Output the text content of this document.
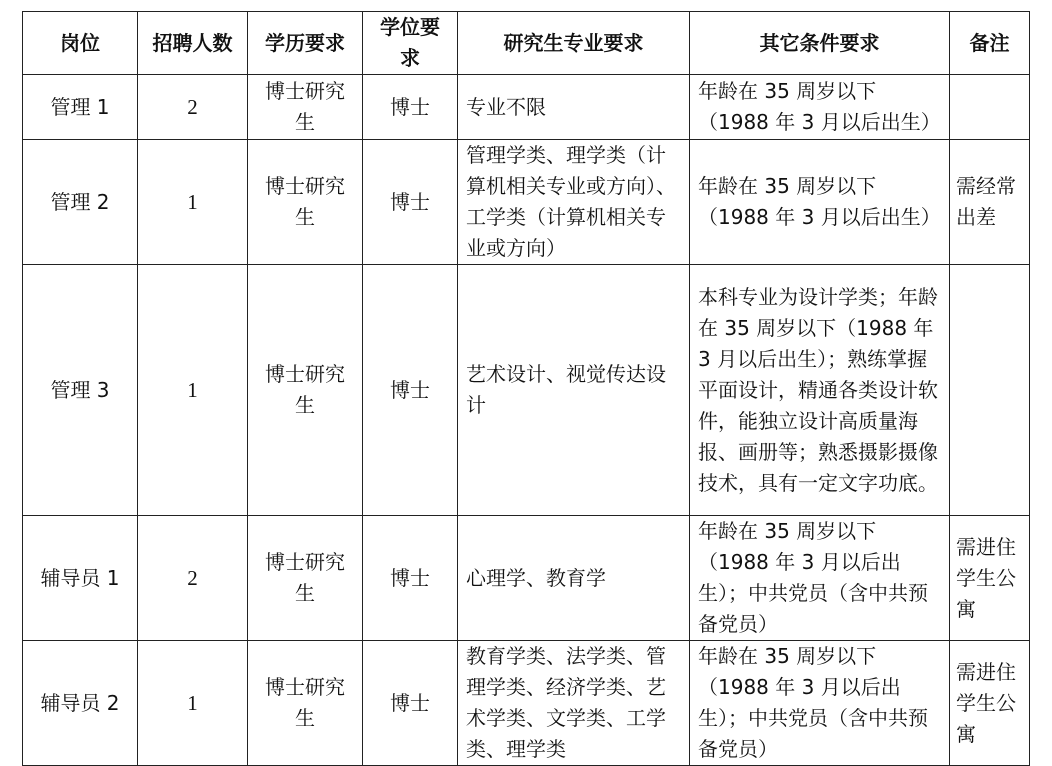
岗位	招聘人数	学历要求	学位要求	研究生专业要求	其它条件要求	备注
管理 1	2	博士研究生	博士	专业不限	年龄在 35 周岁以下（1988 年 3 月以后出生）	
管理 2	1	博士研究生	博士	管理学类、理学类（计算机相关专业或方向）、工学类（计算机相关专业或方向）	年龄在 35 周岁以下（1988 年 3 月以后出生）	需经常出差
管理 3	1	博士研究生	博士	艺术设计、视觉传达设计	本科专业为设计学类；年龄在 35 周岁以下（1988 年 3 月以后出生）；熟练掌握平面设计，精通各类设计软件，能独立设计高质量海报、画册等；熟悉摄影摄像技术，具有一定文字功底。	
辅导员 1	2	博士研究生	博士	心理学、教育学	年龄在 35 周岁以下（1988 年 3 月以后出生）；中共党员（含中共预备党员）	需进住学生公寓
辅导员 2	1	博士研究生	博士	教育学类、法学类、管理学类、经济学类、艺术学类、文学类、工学类、理学类	年龄在 35 周岁以下（1988 年 3 月以后出生）；中共党员（含中共预备党员）	需进住学生公寓
